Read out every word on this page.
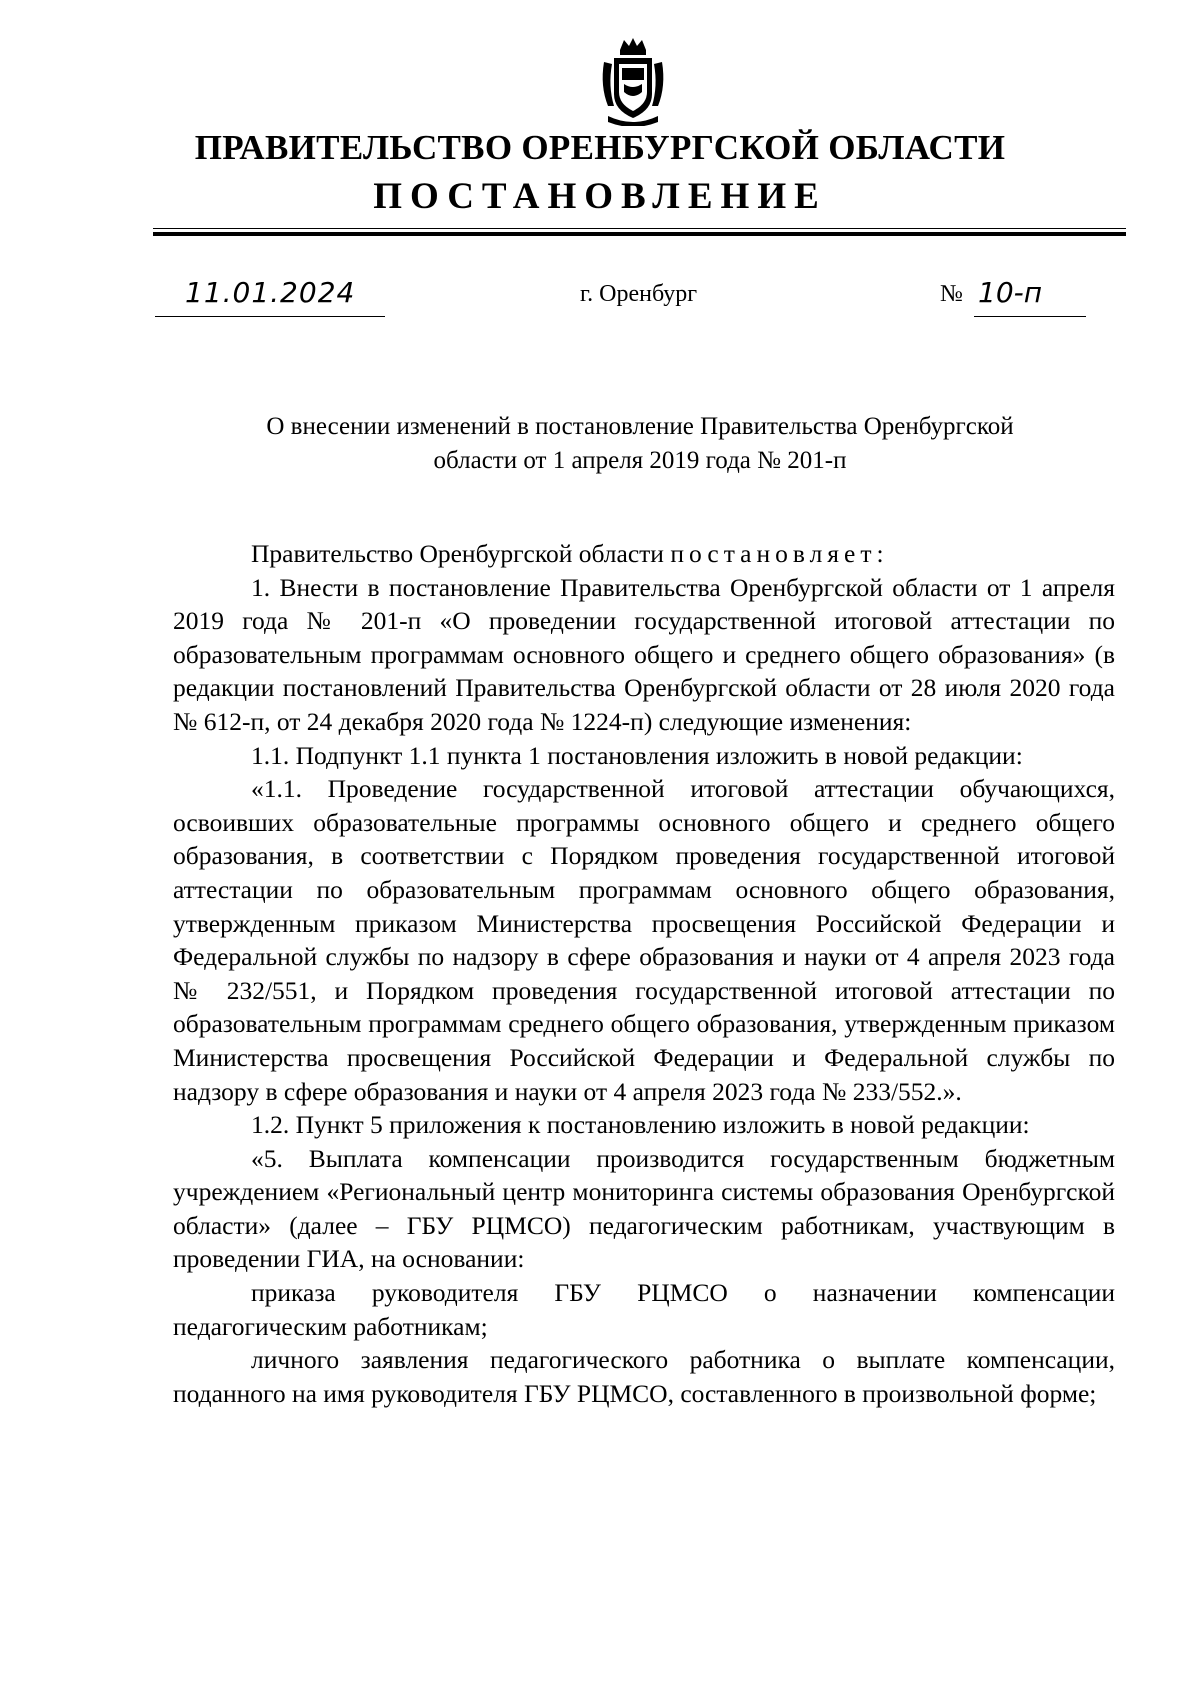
ПРАВИТЕЛЬСТВО ОРЕНБУРГСКОЙ ОБЛАСТИ
ПОСТАНОВЛЕНИЕ
11.01.2024	г. Оренбург	№ 10-п
О внесении изменений в постановление Правительства Оренбургской
области от 1 апреля 2019 года № 201-п

Правительство Оренбургской области постановляет:

1. Внести в постановление Правительства Оренбургской области от 1 апреля 2019 года № 201-п «О проведении государственной итоговой аттестации по образовательным программам основного общего и среднего общего образования» (в редакции постановлений Правительства Оренбургской области от 28 июля 2020 года № 612-п, от 24 декабря 2020 года № 1224-п) следующие изменения:

1.1. Подпункт 1.1 пункта 1 постановления изложить в новой редакции:

«1.1. Проведение государственной итоговой аттестации обучающихся, освоивших образовательные программы основного общего и среднего общего образования, в соответствии с Порядком проведения государственной итоговой аттестации по образовательным программам основного общего образования, утвержденным приказом Министерства просвещения Российской Федерации и Федеральной службы по надзору в сфере образования и науки от 4 апреля 2023 года № 232/551, и Порядком проведения государственной итоговой аттестации по образовательным программам среднего общего образования, утвержденным приказом Министерства просвещения Российской Федерации и Федеральной службы по надзору в сфере образования и науки от 4 апреля 2023 года № 233/552.».

1.2. Пункт 5 приложения к постановлению изложить в новой редакции:

«5. Выплата компенсации производится государственным бюджетным учреждением «Региональный центр мониторинга системы образования Оренбургской области» (далее – ГБУ РЦМСО) педагогическим работникам, участвующим в проведении ГИА, на основании:

приказа руководителя ГБУ РЦМСО о назначении компенсации педагогическим работникам;

личного заявления педагогического работника о выплате компенсации, поданного на имя руководителя ГБУ РЦМСО, составленного в произвольной форме;
